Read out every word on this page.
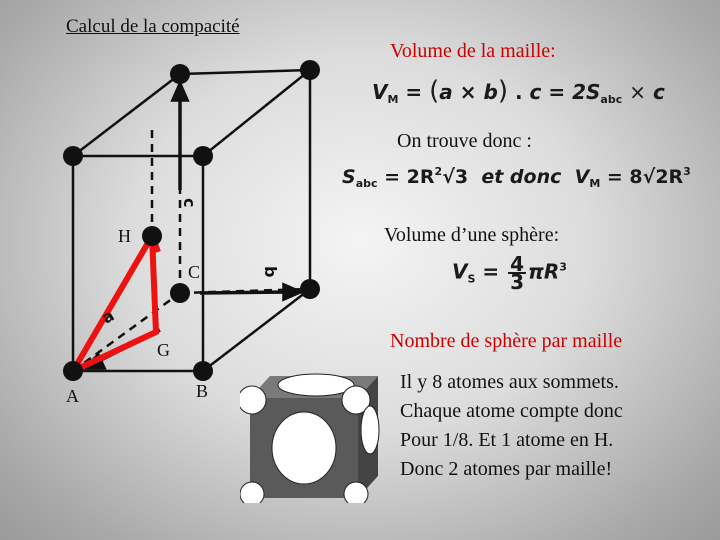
Calcul de la compacité
H
C
G
A	B
c
b
a
Volume de la maille:
$V_M = (a \times b)$ . $c = 2S_{abc} \times c$
On trouve donc :
$S_{abc} = 2R^2√3$ et donc $V_M = 8√2R^3$
Volume d’une sphère:
$V_S = \frac{4}{3} \pi R^3$
Nombre de sphère par maille
Il y 8 atomes aux sommets.
Chaque atome compte donc
Pour 1/8. Et 1 atome en H.
Donc 2 atomes par maille!
